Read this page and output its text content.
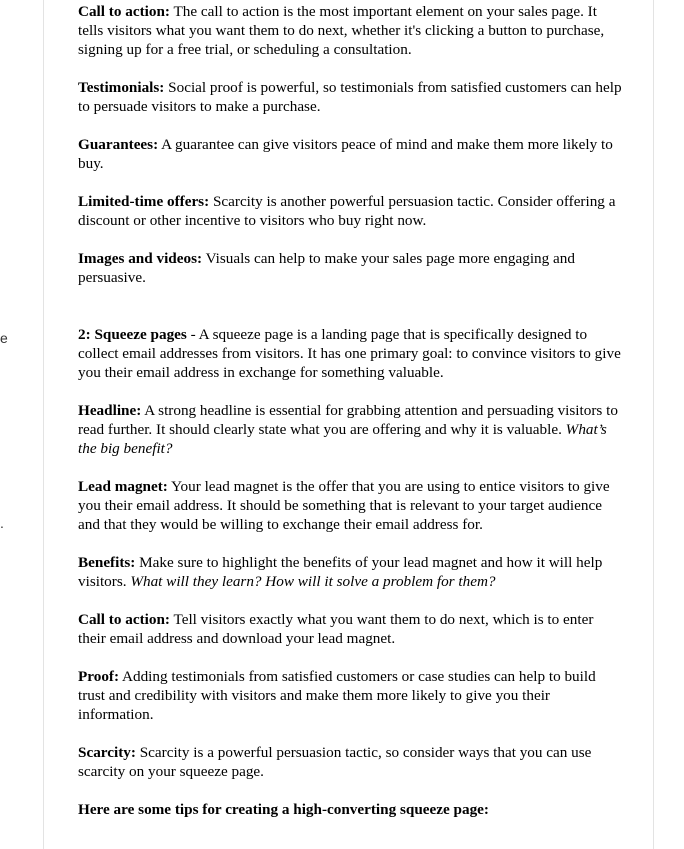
e
.

Call to action: The call to action is the most important element on your sales page. It tells visitors what you want them to do next, whether it's clicking a button to purchase, signing up for a free trial, or scheduling a consultation.

Testimonials: Social proof is powerful, so testimonials from satisfied customers can help to persuade visitors to make a purchase.

Guarantees: A guarantee can give visitors peace of mind and make them more likely to buy.

Limited-time offers: Scarcity is another powerful persuasion tactic. Consider offering a discount or other incentive to visitors who buy right now.

Images and videos: Visuals can help to make your sales page more engaging and persuasive.

2: Squeeze pages - A squeeze page is a landing page that is specifically designed to collect email addresses from visitors. It has one primary goal: to convince visitors to give you their email address in exchange for something valuable.

Headline: A strong headline is essential for grabbing attention and persuading visitors to read further. It should clearly state what you are offering and why it is valuable. What’s the big benefit?

Lead magnet: Your lead magnet is the offer that you are using to entice visitors to give you their email address. It should be something that is relevant to your target audience and that they would be willing to exchange their email address for.

Benefits: Make sure to highlight the benefits of your lead magnet and how it will help visitors. What will they learn? How will it solve a problem for them?

Call to action: Tell visitors exactly what you want them to do next, which is to enter their email address and download your lead magnet.

Proof: Adding testimonials from satisfied customers or case studies can help to build trust and credibility with visitors and make them more likely to give you their information.

Scarcity: Scarcity is a powerful persuasion tactic, so consider ways that you can use scarcity on your squeeze page.

Here are some tips for creating a high-converting squeeze page:
